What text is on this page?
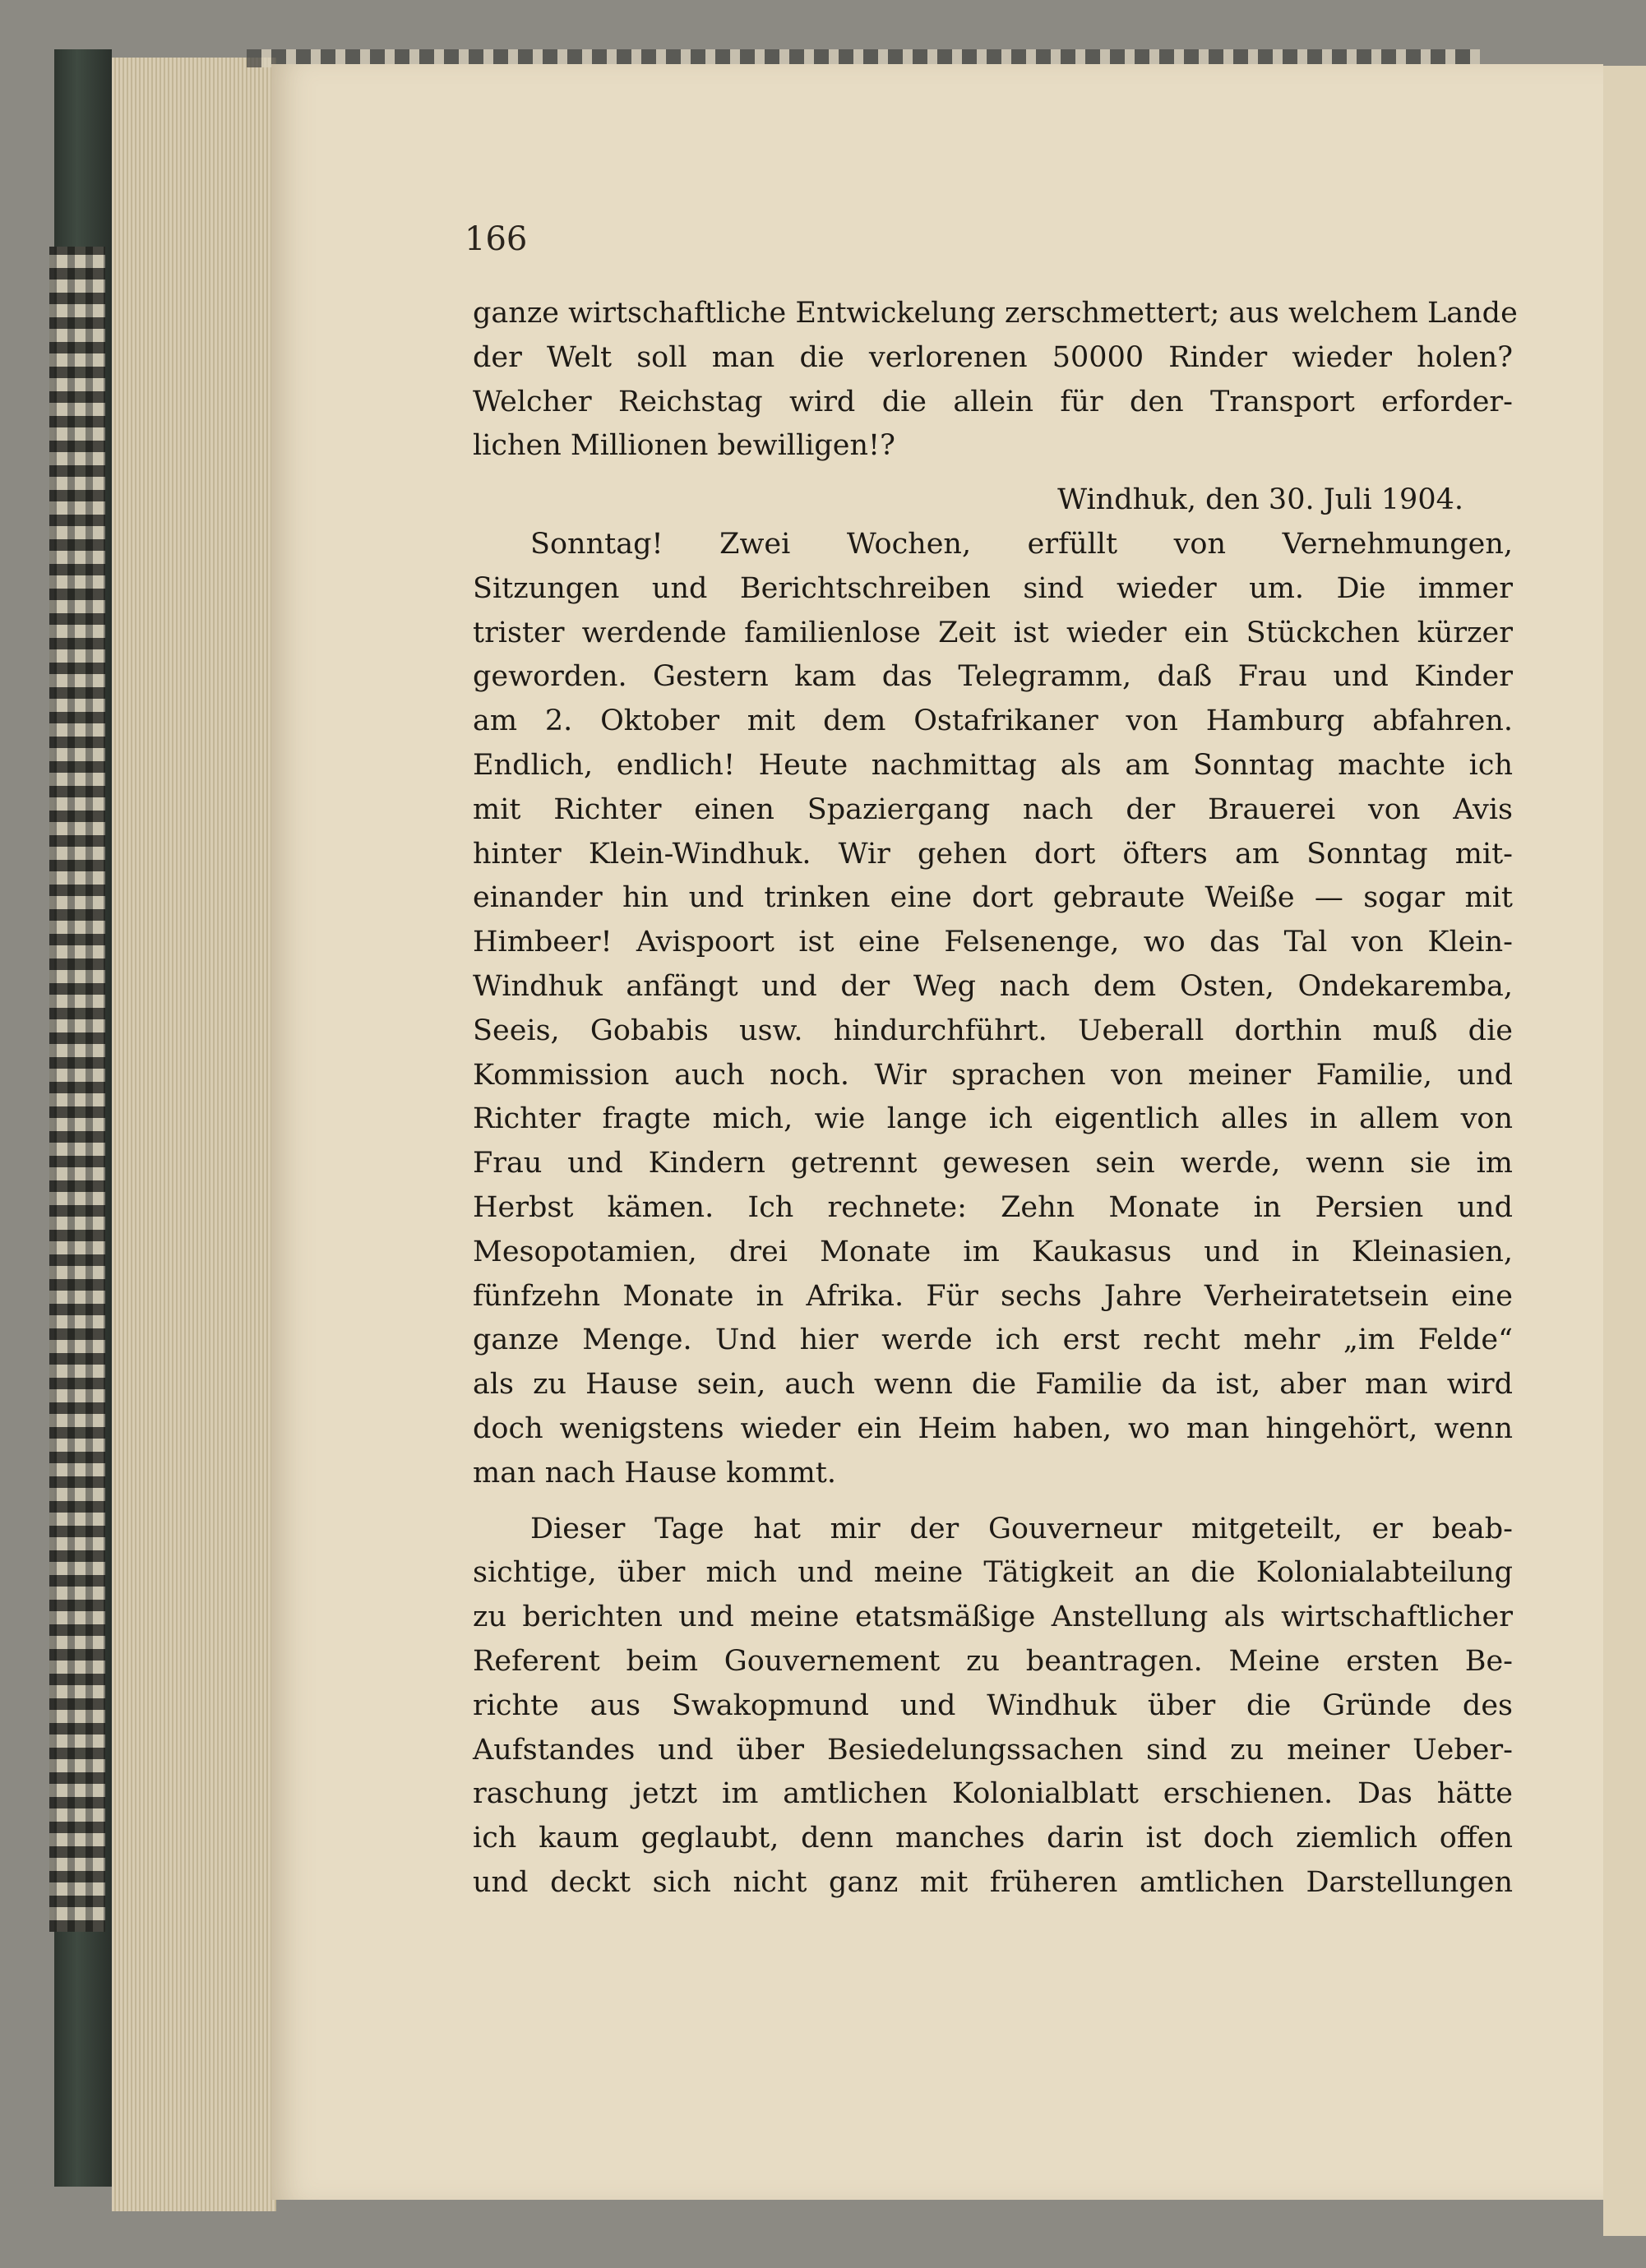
166

ganze wirtschaftliche Entwickelung zerschmettert; aus welchem Lande
der Welt soll man die verlorenen 50000 Rinder wieder holen?
Welcher Reichstag wird die allein für den Transport erforder-
lichen Millionen bewilligen!?

Windhuk, den 30. Juli 1904.

Sonntag! Zwei Wochen, erfüllt von Vernehmungen,
Sitzungen und Berichtschreiben sind wieder um. Die immer
trister werdende familienlose Zeit ist wieder ein Stückchen kürzer
geworden. Gestern kam das Telegramm, daß Frau und Kinder
am 2. Oktober mit dem Ostafrikaner von Hamburg abfahren.
Endlich, endlich! Heute nachmittag als am Sonntag machte ich
mit Richter einen Spaziergang nach der Brauerei von Avis
hinter Klein-Windhuk. Wir gehen dort öfters am Sonntag mit-
einander hin und trinken eine dort gebraute Weiße — sogar mit
Himbeer! Avispoort ist eine Felsenenge, wo das Tal von Klein-
Windhuk anfängt und der Weg nach dem Osten, Ondekaremba,
Seeis, Gobabis usw. hindurchführt. Ueberall dorthin muß die
Kommission auch noch. Wir sprachen von meiner Familie, und
Richter fragte mich, wie lange ich eigentlich alles in allem von
Frau und Kindern getrennt gewesen sein werde, wenn sie im
Herbst kämen. Ich rechnete: Zehn Monate in Persien und
Mesopotamien, drei Monate im Kaukasus und in Kleinasien,
fünfzehn Monate in Afrika. Für sechs Jahre Verheiratetsein eine
ganze Menge. Und hier werde ich erst recht mehr „im Felde“
als zu Hause sein, auch wenn die Familie da ist, aber man wird
doch wenigstens wieder ein Heim haben, wo man hingehört, wenn
man nach Hause kommt.

Dieser Tage hat mir der Gouverneur mitgeteilt, er beab-
sichtige, über mich und meine Tätigkeit an die Kolonialabteilung
zu berichten und meine etatsmäßige Anstellung als wirtschaftlicher
Referent beim Gouvernement zu beantragen. Meine ersten Be-
richte aus Swakopmund und Windhuk über die Gründe des
Aufstandes und über Besiedelungssachen sind zu meiner Ueber-
raschung jetzt im amtlichen Kolonialblatt erschienen. Das hätte
ich kaum geglaubt, denn manches darin ist doch ziemlich offen
und deckt sich nicht ganz mit früheren amtlichen Darstellungen
